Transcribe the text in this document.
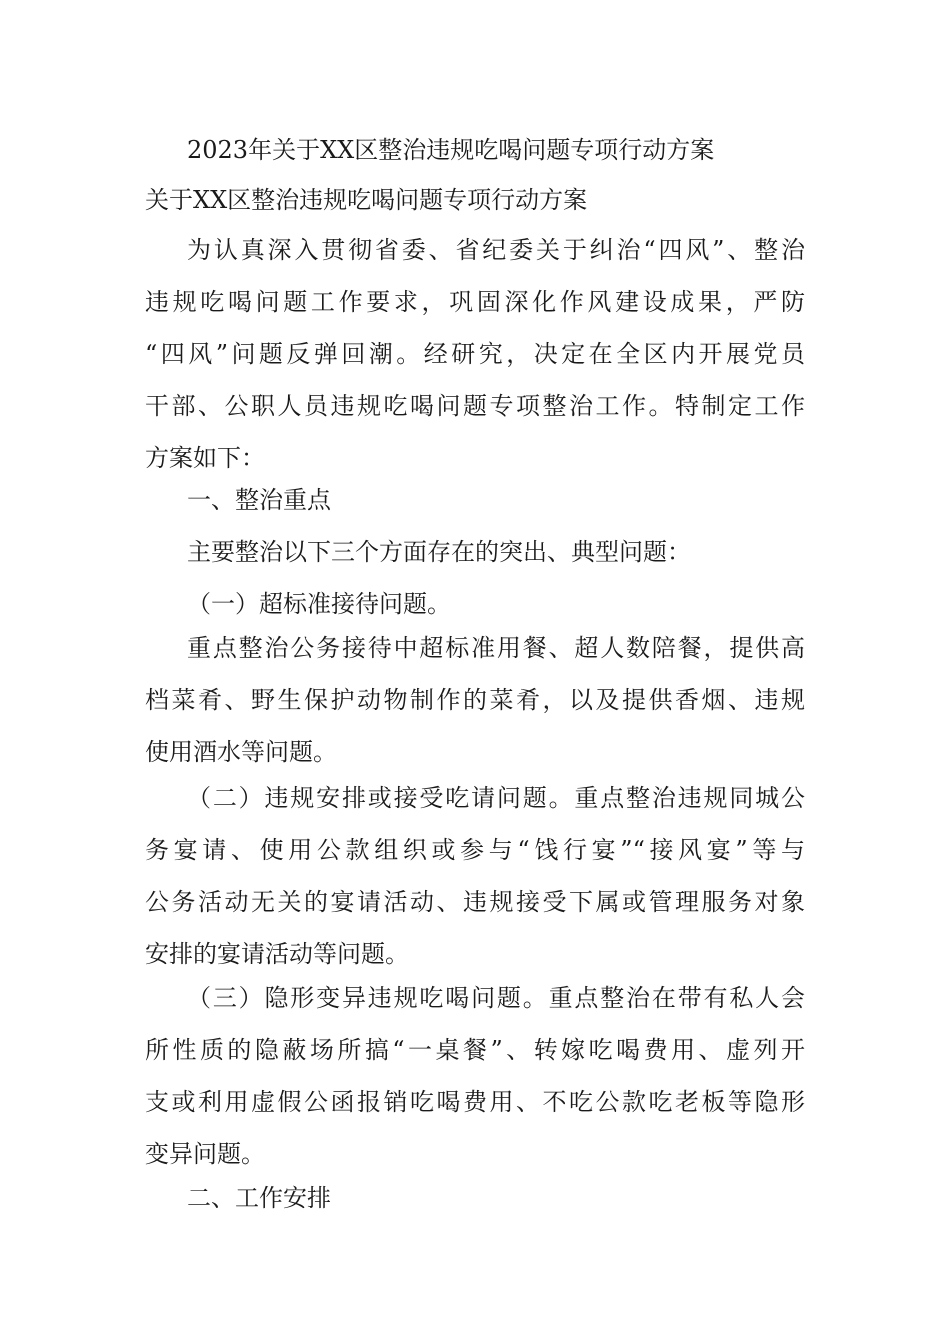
2023年关于XX区整治违规吃喝问题专项行动方案
关于XX区整治违规吃喝问题专项行动方案
为认真深入贯彻省委、省纪委关于纠治“四风”、整治
违规吃喝问题工作要求，巩固深化作风建设成果，严防
“四风”问题反弹回潮。经研究，决定在全区内开展党员
干部、公职人员违规吃喝问题专项整治工作。特制定工作
方案如下：
一、整治重点
主要整治以下三个方面存在的突出、典型问题：
（一）超标准接待问题。
重点整治公务接待中超标准用餐、超人数陪餐，提供高
档菜肴、野生保护动物制作的菜肴，以及提供香烟、违规
使用酒水等问题。
（二）违规安排或接受吃请问题。重点整治违规同城公
务宴请、使用公款组织或参与“饯行宴”“接风宴”等与
公务活动无关的宴请活动、违规接受下属或管理服务对象
安排的宴请活动等问题。
（三）隐形变异违规吃喝问题。重点整治在带有私人会
所性质的隐蔽场所搞“一桌餐”、转嫁吃喝费用、虚列开
支或利用虚假公函报销吃喝费用、不吃公款吃老板等隐形
变异问题。
二、工作安排
